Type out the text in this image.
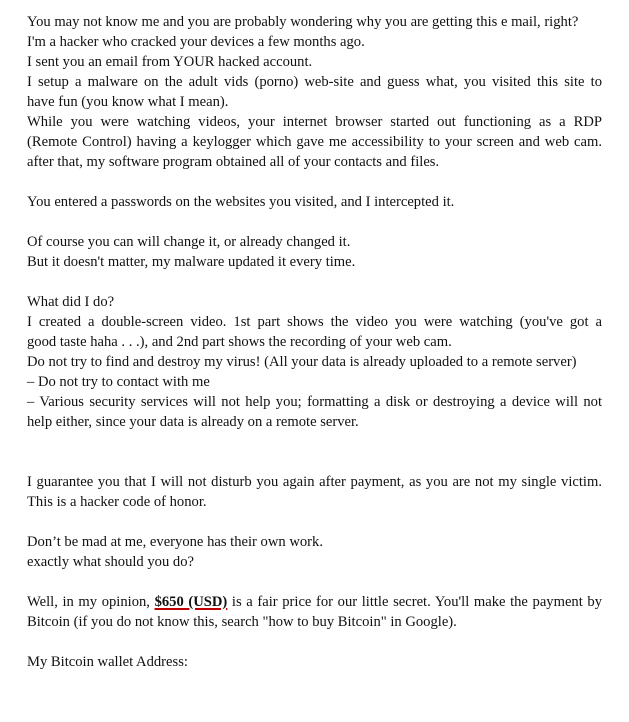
You may not know me and you are probably wondering why you are getting this e mail, right?
I'm a hacker who cracked your devices a few months ago.
I sent you an email from YOUR hacked account.
I setup a malware on the adult vids (porno) web-site and guess what, you visited this site to
have fun (you know what I mean).
While you were watching videos, your internet browser started out functioning as a RDP
(Remote Control) having a keylogger which gave me accessibility to your screen and web cam.
after that, my software program obtained all of your contacts and files.
You entered a passwords on the websites you visited, and I intercepted it.
Of course you can will change it, or already changed it.
But it doesn't matter, my malware updated it every time.
What did I do?
I created a double-screen video. 1st part shows the video you were watching (you've got a
good taste haha . . .), and 2nd part shows the recording of your web cam.
Do not try to find and destroy my virus! (All your data is already uploaded to a remote server)
– Do not try to contact with me
– Various security services will not help you; formatting a disk or destroying a device will not
help either, since your data is already on a remote server.
I guarantee you that I will not disturb you again after payment, as you are not my single victim.
This is a hacker code of honor.
Don’t be mad at me, everyone has their own work.
exactly what should you do?
Well, in my opinion, $650 (USD) is a fair price for our little secret. You'll make the payment by
Bitcoin (if you do not know this, search "how to buy Bitcoin" in Google).
My Bitcoin wallet Address:
